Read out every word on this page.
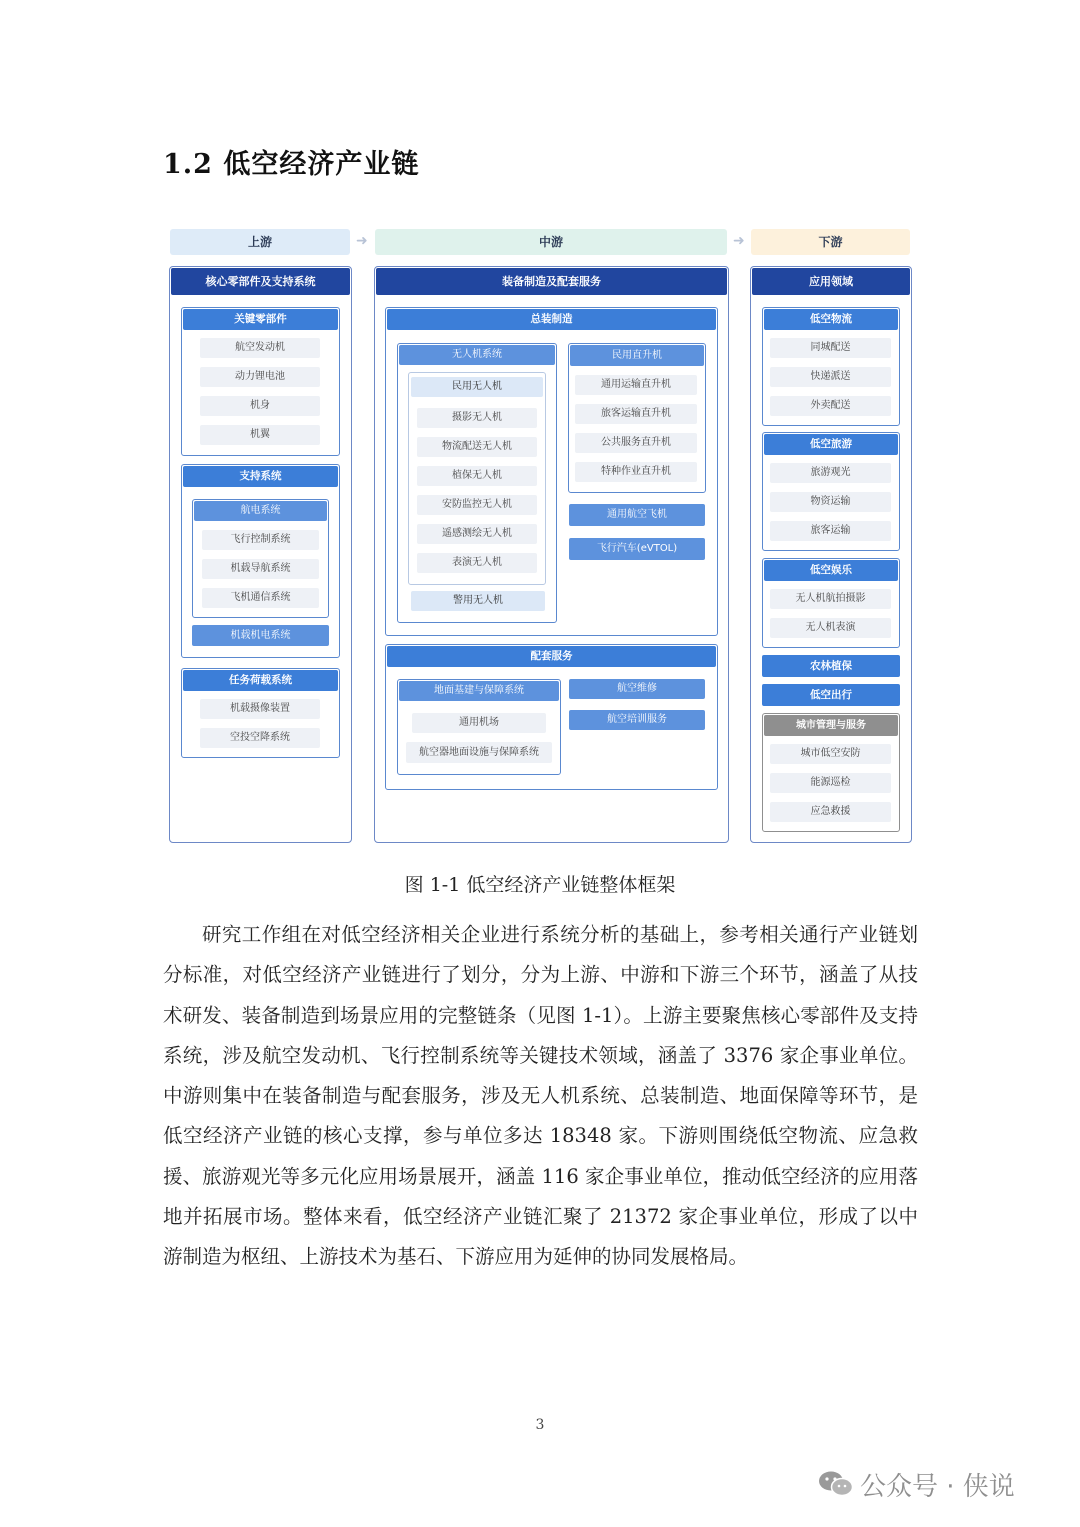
1.2 低空经济产业链
上游	➜	中游	➜	下游
核心零部件及支持系统
关键零部件
航空发动机
动力锂电池
机身
机翼
支持系统
航电系统
飞行控制系统
机载导航系统
飞机通信系统
机载机电系统
任务荷载系统
机载摄像装置
空投空降系统
装备制造及配套服务
总装制造
无人机系统
民用无人机
摄影无人机
物流配送无人机
植保无人机
安防监控无人机
遥感测绘无人机
表演无人机
警用无人机
民用直升机
通用运输直升机
旅客运输直升机
公共服务直升机
特种作业直升机
通用航空飞机
飞行汽车(eVTOL)
配套服务
地面基建与保障系统
通用机场
航空器地面设施与保障系统
航空维修
航空培训服务
应用领域
低空物流
同城配送
快递派送
外卖配送
低空旅游
旅游观光
物资运输
旅客运输
低空娱乐
无人机航拍摄影
无人机表演
农林植保
低空出行
城市管理与服务
城市低空安防
能源巡检
应急救援
图 1-1 低空经济产业链整体框架
研究工作组在对低空经济相关企业进行系统分析的基础上，参考相关通行产业链划分标准，对低空经济产业链进行了划分，分为上游、中游和下游三个环节，涵盖了从技术研发、装备制造到场景应用的完整链条（见图 1-1）。上游主要聚焦核心零部件及支持系统，涉及航空发动机、飞行控制系统等关键技术领域，涵盖了 3376 家企事业单位。中游则集中在装备制造与配套服务，涉及无人机系统、总装制造、地面保障等环节，是低空经济产业链的核心支撑，参与单位多达 18348 家。下游则围绕低空物流、应急救援、旅游观光等多元化应用场景展开，涵盖 116 家企事业单位，推动低空经济的应用落地并拓展市场。整体来看，低空经济产业链汇聚了 21372 家企事业单位，形成了以中游制造为枢纽、上游技术为基石、下游应用为延伸的协同发展格局。
3
公众号 · 侠说
